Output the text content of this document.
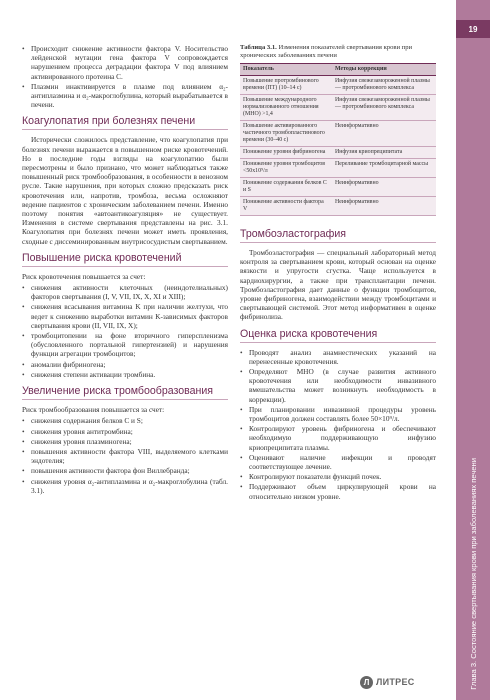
• Происходит снижение активности фактора V. Носительство лейденской мутации гена фактора V сопровождается нарушением процесса деградации фактора V под влиянием активированного протеина С.
• Плазмин инактивируется в плазме под влиянием α₂-антиплазмина и α₂-макроглобулина, который вырабатывается в печени.
Коагулопатия при болезнях печени

Исторически сложилось представление, что коагулопатия при болезнях печени выражается в повышенном риске кровотечений. Но в последние годы взгляды на коагулопатию были пересмотрены и было признано, что может наблюдаться также повышенный риск тромбообразования, в особенности в венозном русле. Такие нарушения, при которых сложно предсказать риск кровотечения или, напротив, тромбоза, весьма осложняют ведение пациентов с хроническим заболеванием печени. Именно поэтому понятия «автоантикоагуляция» не существует. Изменения в системе свертывания представлены на рис. 3.1. Коагулопатия при болезнях печени может иметь проявления, сходные с диссеминированным внутрисосудистым свертыванием.

Повышение риска кровотечений

Риск кровотечения повышается за счет:

• снижения активности клеточных (неиндотелиальных) факторов свертывания (I, V, VII, IX, X, XI и XIII);
• снижения всасывания витамина K при наличии желтухи, что ведет к снижению выработки витамин K-зависимых факторов свертывания крови (II, VII, IX, X);
• тромбоцитопении на фоне вторичного гиперспленизма (обусловленного портальной гипертензией) и нарушения функции агрегации тромбоцитов;
• аномалии фибриногена;
• снижения степени активации тромбина.
Увеличение риска тромбообразования

Риск тромбообразования повышается за счет:

• снижения содержания белков C и S;
• снижения уровня антитромбина;
• снижения уровня плазминогена;
• повышения активности фактора VIII, выделяемого клетками эндотелия;
• повышения активности фактора фон Виллебранда;
• снижения уровня α₂-антиплазмина и α₂-макроглобулина (табл. 3.1).
Таблица 3.1. Изменения показателей свертывания крови при хронических заболеваниях печени
Показатель	Методы коррекции
Повышение протромбинового времени (ПТ) (10–14 с)	Инфузия свежезамороженной плазмы — протромбинового комплекса
Повышение международного нормализованного отношения (МНО) >1,4	Инфузия свежезамороженной плазмы — протромбинового комплекса
Повышение активированного частичного тромбопластинового времени (30–40 с)	Неинформативно
Понижение уровня фибриногена	Инфузия криопреципитата
Понижение уровня тромбоцитов <50x10⁹/л	Переливание тромбоцитарной массы
Понижение содержания белков C и S	Неинформативно
Понижение активности фактора V	Неинформативно
Тромбоэластография

Тромбоэластография — специальный лабораторный метод контроля за свертыванием крови, который основан на оценке вязкости и упругости сгустка. Чаще используется в кардиохирургии, а также при трансплантации печени. Тромбоэластография дает данные о функции тромбоцитов, уровне фибриногена, взаимодействии между тромбоцитами и свертывающей системой. Этот метод информативен в оценке фибринолиза.

Оценка риска кровотечения
• Проводят анализ анамнестических указаний на перенесенные кровотечения.
• Определяют МНО (в случае развития активного кровотечения или необходимости инвазивного вмешательства может возникнуть необходимость в коррекции).
• При планировании инвазивной процедуры уровень тромбоцитов должен составлять более 50×10⁹/л.
• Контролируют уровень фибриногена и обеспечивают необходимую поддерживающую инфузию криопреципитата плазмы.
• Оценивают наличие инфекции и проводят соответствующее лечение.
• Контролируют показатели функций почек.
• Поддерживают объем циркулирующей крови на относительно низком уровне.
19
Глава 3. Состояние свертывания крови при заболеваниях печени
Л ЛИТРЕС
